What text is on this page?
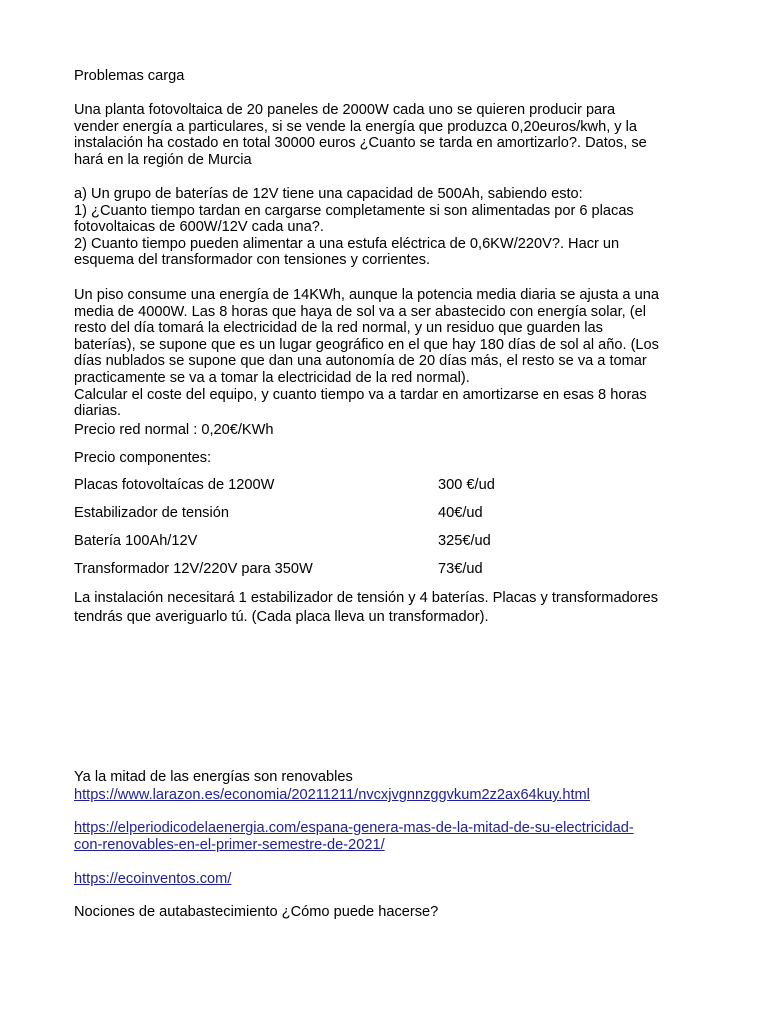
Problemas carga

Una planta fotovoltaica de 20 paneles de 2000W cada uno se quieren producir para
vender energía a particulares, si se vende la energía que produzca 0,20euros/kwh, y la
instalación ha costado en total 30000 euros ¿Cuanto se tarda en amortizarlo?. Datos, se
hará en la región de Murcia

a) Un grupo de baterías de 12V tiene una capacidad de 500Ah, sabiendo esto:
1) ¿Cuanto tiempo tardan en cargarse completamente si son alimentadas por 6 placas
fotovoltaicas de 600W/12V cada una?.
2) Cuanto tiempo pueden alimentar a una estufa eléctrica de 0,6KW/220V?. Hacr un
esquema del transformador con tensiones y corrientes.

Un piso consume una energía de 14KWh, aunque la potencia media diaria se ajusta a una
media de 4000W. Las 8 horas que haya de sol va a ser abastecido con energía solar, (el
resto del día tomará la electricidad de la red normal, y un residuo que guarden las
baterías), se supone que es un lugar geográfico en el que hay 180 días de sol al año. (Los
días nublados se supone que dan una autonomía de 20 días más, el resto se va a tomar
practicamente se va a tomar la electricidad de la red normal).
Calcular el coste del equipo, y cuanto tiempo va a tardar en amortizarse en esas 8 horas
diarias.

Precio red normal : 0,20€/KWh

Precio componentes:

Placas fotovoltaícas de 1200W	300 €/ud

Estabilizador de tensión	40€/ud

Batería 100Ah/12V	325€/ud

Transformador 12V/220V para 350W	73€/ud

La instalación necesitará 1 estabilizador de tensión y 4 baterías. Placas y transformadores
tendrás que averiguarlo tú. (Cada placa lleva un transformador).

Ya la mitad de las energías son renovables

https://www.larazon.es/economia/20211211/nvcxjvgnnzggvkum2z2ax64kuy.html

https://elperiodicodelaenergia.com/espana-genera-mas-de-la-mitad-de-su-electricidad-

con-renovables-en-el-primer-semestre-de-2021/

https://ecoinventos.com/

Nociones de autabastecimiento ¿Cómo puede hacerse?
